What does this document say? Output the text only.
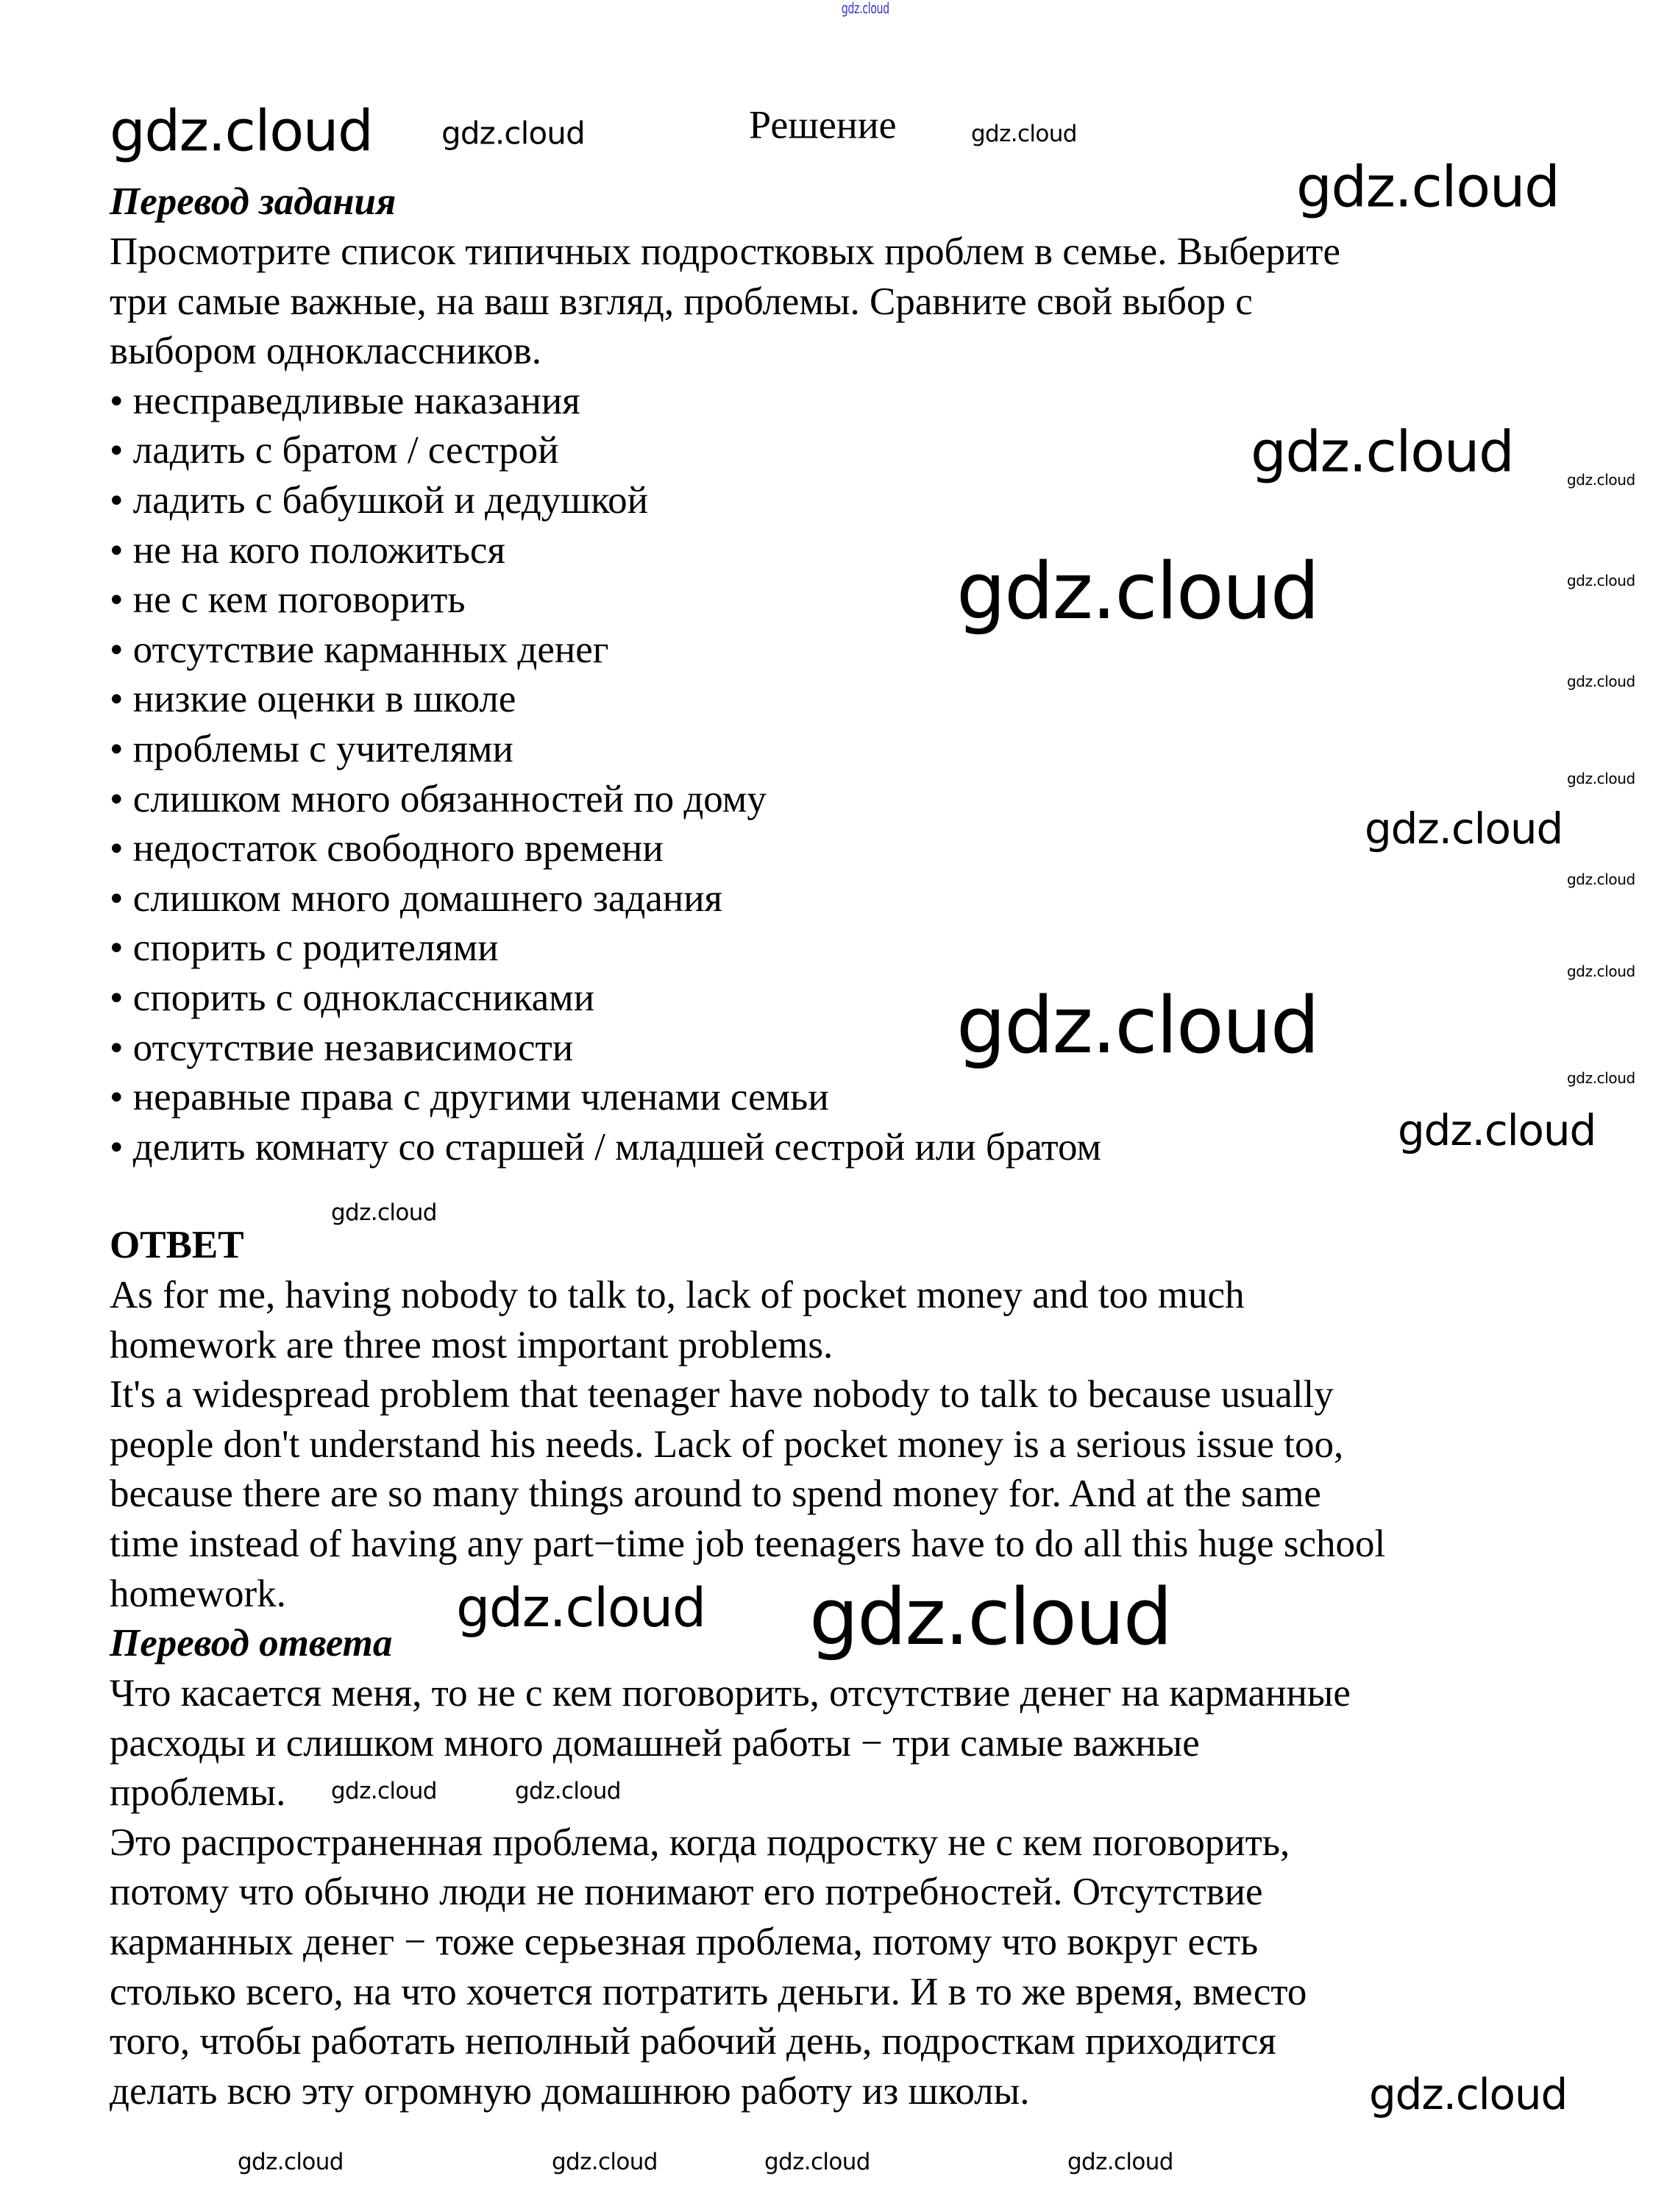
Решение
Перевод задания
Просмотрите список типичных подростковых проблем в семье. Выберите
три самые важные, на ваш взгляд, проблемы. Сравните свой выбор с
выбором одноклассников.
• несправедливые наказания
• ладить с братом / сестрой
• ладить с бабушкой и дедушкой
• не на кого положиться
• не с кем поговорить
• отсутствие карманных денег
• низкие оценки в школе
• проблемы с учителями
• слишком много обязанностей по дому
• недостаток свободного времени
• слишком много домашнего задания
• спорить с родителями
• спорить с одноклассниками
• отсутствие независимости
• неравные права с другими членами семьи
• делить комнату со старшей / младшей сестрой или братом
ОТВЕТ
As for me, having nobody to talk to, lack of pocket money and too much
homework are three most important problems.
It's a widespread problem that teenager have nobody to talk to because usually
people don't understand his needs. Lack of pocket money is a serious issue too,
because there are so many things around to spend money for. And at the same
time instead of having any part−time job teenagers have to do all this huge school
homework.
Перевод ответа
Что касается меня, то не с кем поговорить, отсутствие денег на карманные
расходы и слишком много домашней работы − три самые важные
проблемы.
Это распространенная проблема, когда подростку не с кем поговорить,
потому что обычно люди не понимают его потребностей. Отсутствие
карманных денег − тоже серьезная проблема, потому что вокруг есть
столько всего, на что хочется потратить деньги. И в то же время, вместо
того, чтобы работать неполный рабочий день, подросткам приходится
делать всю эту огромную домашнюю работу из школы.
gdz.cloud
gdz.cloud gdz.cloud	gdz.cloud
gdz.cloud
gdz.cloud	gdz.cloud
gdz.cloud
gdz.cloud
gdz.cloud
gdz.cloud
gdz.cloud
gdz.cloud
gdz.cloud
gdz.cloud
gdz.cloud
gdz.cloud
gdz.cloud
gdz.cloud gdz.cloud
gdz.cloud	gdz.cloud
gdz.cloud	gdz.cloud	gdz.cloud	gdz.cloud
gdz.cloud
